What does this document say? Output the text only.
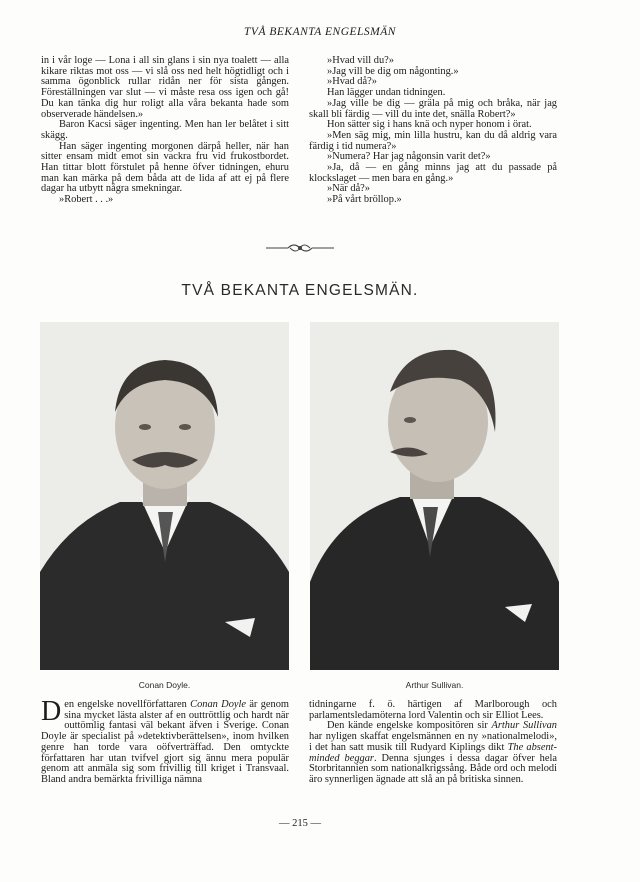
TVÅ BEKANTA ENGELSMÄN

in i vår loge — Lona i all sin glans i sin nya toalett — alla kikare riktas mot oss — vi slå oss ned helt högtidligt och i samma ögonblick rullar ridån ner för sista gången. Föreställningen var slut — vi måste resa oss igen och gå! Du kan tänka dig hur roligt alla våra bekanta hade som observerade händelsen.»

Baron Kacsi säger ingenting. Men han ler belåtet i sitt skägg.

Han säger ingenting morgonen därpå heller, när han sitter ensam midt emot sin vackra fru vid frukostbordet. Han tittar blott förstulet på henne öfver tidningen, ehuru man kan märka på dem båda att de lida af att ej på flere dagar ha utbytt några smekningar.

»Robert . . .»

»Hvad vill du?»

»Jag vill be dig om någonting.»

»Hvad då?»

Han lägger undan tidningen.

»Jag ville be dig — gräla på mig och bråka, när jag skall bli färdig — vill du inte det, snälla Robert?»

Hon sätter sig i hans knä och nyper honom i örat.

»Men säg mig, min lilla hustru, kan du då aldrig vara färdig i tid numera?»

»Numera? Har jag någonsin varit det?»

»Ja, då — en gång minns jag att du passade på klockslaget — men bara en gång.»

»När då?»

»På vårt bröllop.»

TVÅ BEKANTA ENGELSMÄN.
Conan Doyle.	Arthur Sullivan.

Den engelske novellförfattaren Conan Doyle är genom sina mycket lästa alster af en outtröttlig och hardt när outtömlig fantasi väl bekant äfven i Sverige. Conan Doyle är specialist på »detektivberättelsen», inom hvilken genre han torde vara oöfverträffad. Den omtyckte författaren har utan tvifvel gjort sig ännu mera populär genom att anmäla sig som frivillig till kriget i Transvaal. Bland andra bemärkta frivilliga nämna

tidningarne f. ö. härtigen af Marlborough och parlamentsledamöterna lord Valentin och sir Elliot Lees.

Den kände engelske kompositören sir Arthur Sullivan har nyligen skaffat engelsmännen en ny »nationalmelodi», i det han satt musik till Rudyard Kiplings dikt The absent-minded beggar. Denna sjunges i dessa dagar öfver hela Storbritannien som nationalkrigssång. Både ord och melodi äro synnerligen ägnade att slå an på britiska sinnen.

— 215 —
